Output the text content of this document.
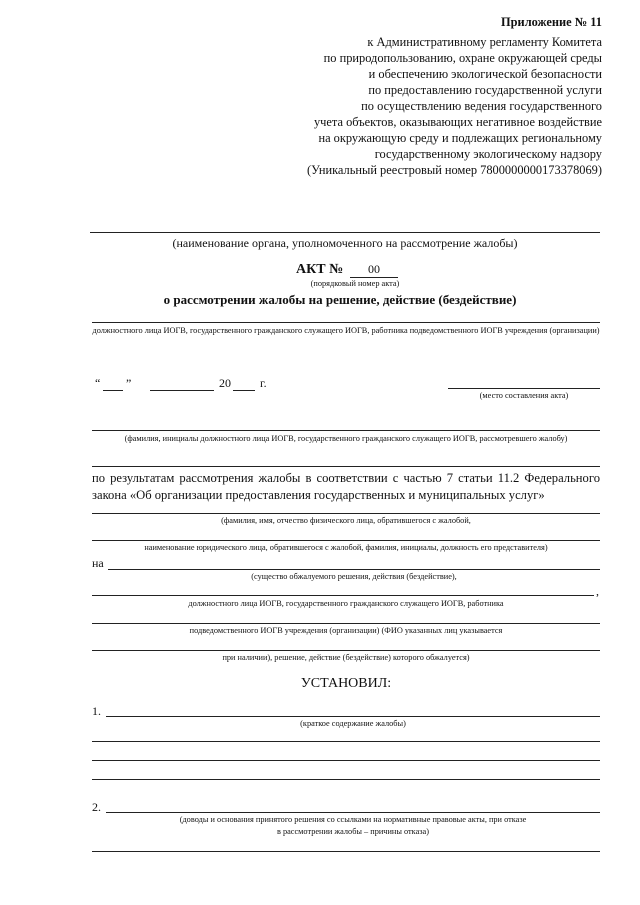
Приложение № 11
к Административному регламенту Комитета
по природопользованию, охране окружающей среды
и обеспечению экологической безопасности
по предоставлению государственной услуги
по осуществлению ведения государственного
учета объектов, оказывающих негативное воздействие
на окружающую среду и подлежащих региональному
государственному экологическому надзору
(Уникальный реестровый номер 7800000000173378069)
(наименование органа, уполномоченного на рассмотрение жалобы)
АКТ №	00
(порядковый номер акта)
о рассмотрении жалобы на решение, действие (бездействие)
должностного лица ИОГВ, государственного гражданского служащего ИОГВ, работника подведомственного ИОГВ учреждения (организации)
“ ”	20 г.
(место составления акта)
(фамилия, инициалы должностного лица ИОГВ, государственного гражданского служащего ИОГВ, рассмотревшего жалобу)
по результатам рассмотрения жалобы в соответствии с частью 7 статьи 11.2 Федерального закона «Об организации предоставления государственных и муниципальных услуг»
(фамилия, имя, отчество физического лица, обратившегося с жалобой,
наименование юридического лица, обратившегося с жалобой, фамилия, инициалы, должность его представителя)
на
(существо обжалуемого решения, действия (бездействие),
,
должностного лица ИОГВ, государственного гражданского служащего ИОГВ, работника
подведомственного ИОГВ учреждения (организации) (ФИО указанных лиц указывается
при наличии), решение, действие (бездействие) которого обжалуется)
УСТАНОВИЛ:
1.
(краткое содержание жалобы)
2.
(доводы и основания принятого решения со ссылками на нормативные правовые акты, при отказе
в рассмотрении жалобы – причины отказа)
